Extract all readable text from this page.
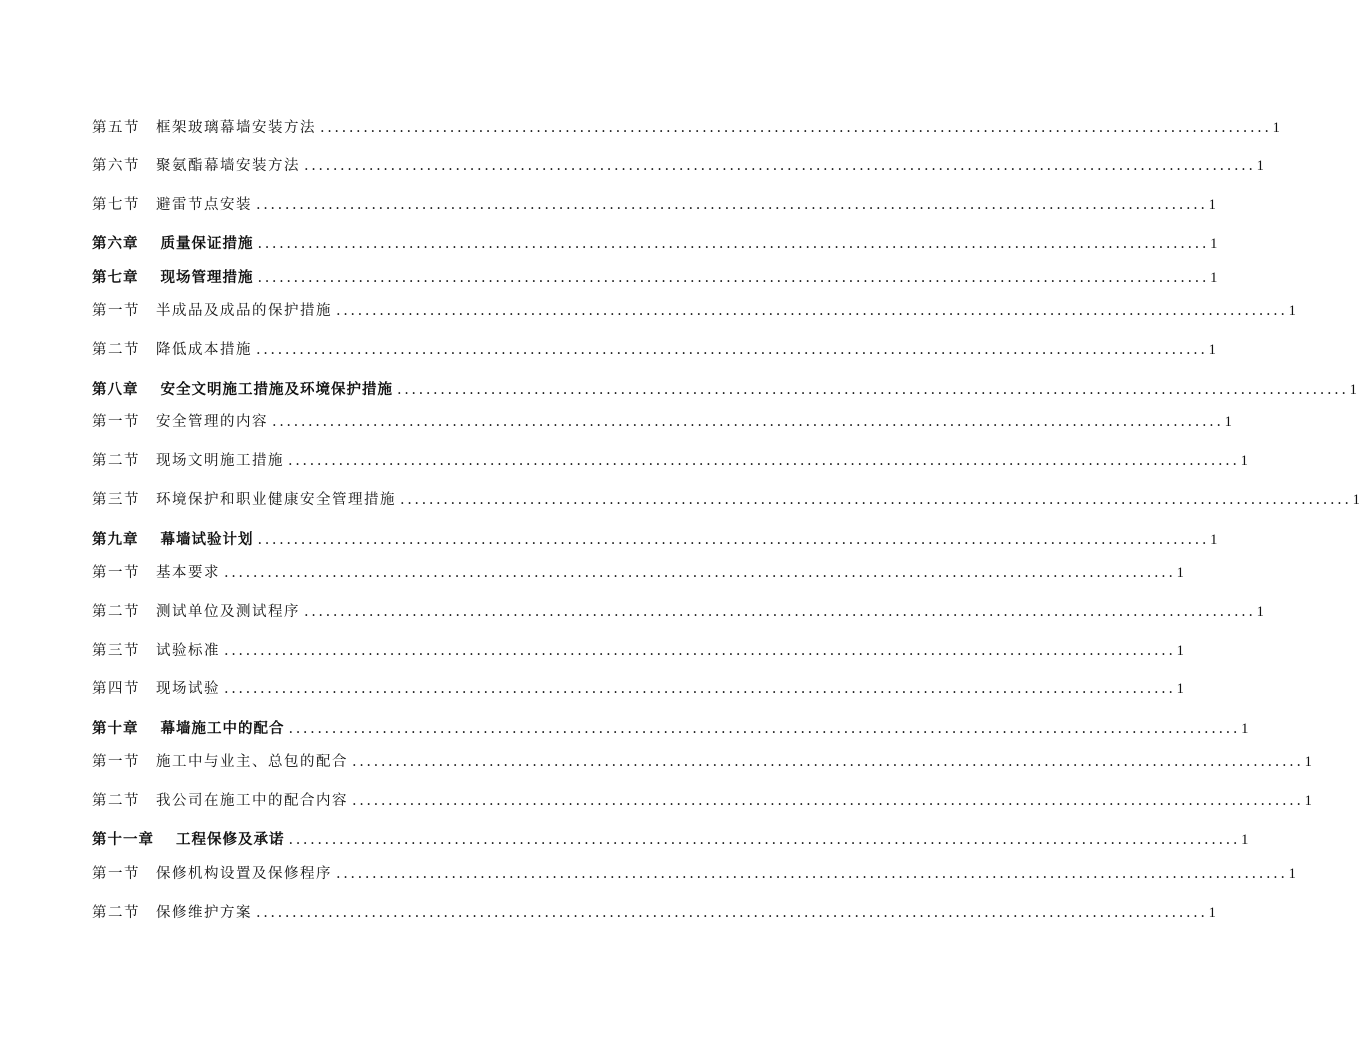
第五节	框架玻璃幕墙安装方法 .................................................................................................................................... 1
第六节	聚氨酯幕墙安装方法 .................................................................................................................................... 1
第七节	避雷节点安装 .................................................................................................................................... 1
第六章	质量保证措施 .................................................................................................................................... 1
第七章	现场管理措施 .................................................................................................................................... 1
第一节	半成品及成品的保护措施 .................................................................................................................................... 1
第二节	降低成本措施 .................................................................................................................................... 1
第八章	安全文明施工措施及环境保护措施 .................................................................................................................................... 1
第一节	安全管理的内容 .................................................................................................................................... 1
第二节	现场文明施工措施 .................................................................................................................................... 1
第三节	环境保护和职业健康安全管理措施 .................................................................................................................................... 1
第九章	幕墙试验计划 .................................................................................................................................... 1
第一节	基本要求 .................................................................................................................................... 1
第二节	测试单位及测试程序 .................................................................................................................................... 1
第三节	试验标准 .................................................................................................................................... 1
第四节	现场试验 .................................................................................................................................... 1
第十章	幕墙施工中的配合 .................................................................................................................................... 1
第一节	施工中与业主、总包的配合 .................................................................................................................................... 1
第二节	我公司在施工中的配合内容 .................................................................................................................................... 1
第十一章	工程保修及承诺 .................................................................................................................................... 1
第一节	保修机构设置及保修程序 .................................................................................................................................... 1
第二节	保修维护方案 .................................................................................................................................... 1
